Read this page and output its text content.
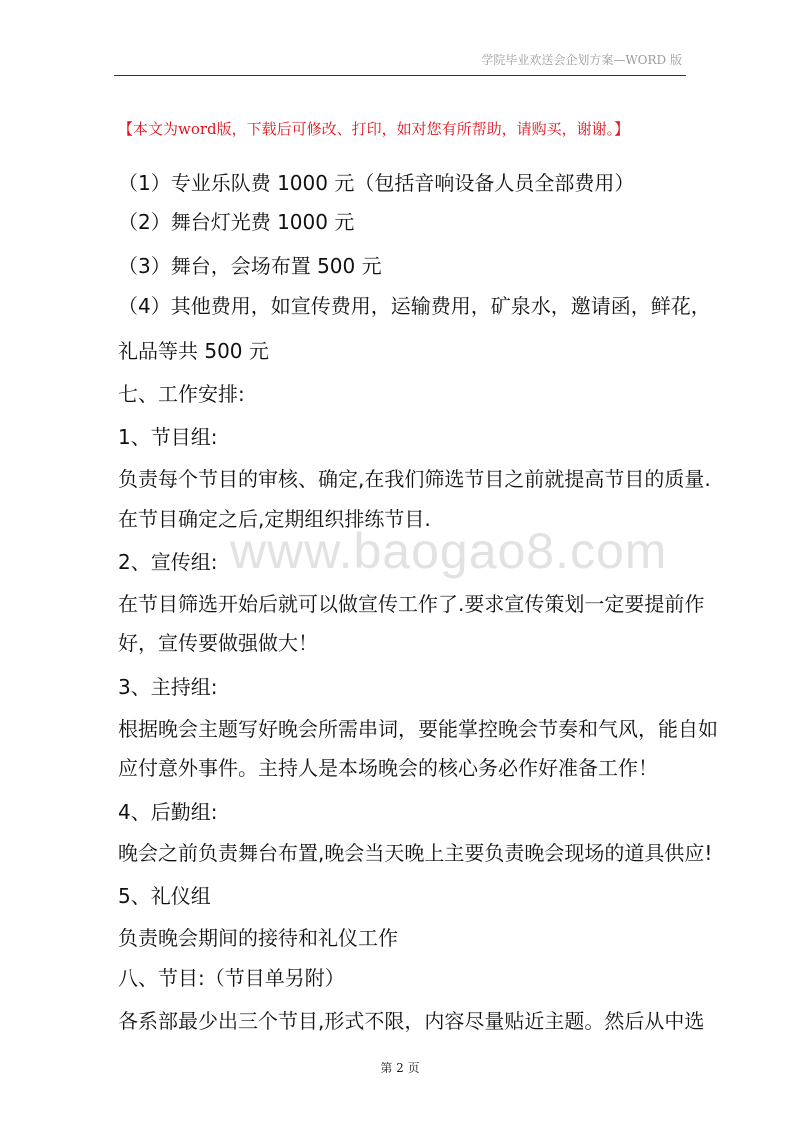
学院毕业欢送会企划方案—WORD 版
【本文为word版，下载后可修改、打印，如对您有所帮助，请购买，谢谢。】
www.baogao8.com
（1）专业乐队费 1000 元（包括音响设备人员全部费用）
（2）舞台灯光费 1000 元
（3）舞台，会场布置 500 元
（4）其他费用，如宣传费用，运输费用，矿泉水，邀请函，鲜花，
礼品等共 500 元
七、工作安排:
1、节目组:
负责每个节目的审核、确定,在我们筛选节目之前就提高节目的质量.
在节目确定之后,定期组织排练节目.
2、宣传组:
在节目筛选开始后就可以做宣传工作了.要求宣传策划一定要提前作
好，宣传要做强做大！
3、主持组:
根据晚会主题写好晚会所需串词，要能掌控晚会节奏和气风，能自如
应付意外事件。主持人是本场晚会的核心务必作好准备工作！
4、后勤组:
晚会之前负责舞台布置,晚会当天晚上主要负责晚会现场的道具供应!
5、礼仪组
负责晚会期间的接待和礼仪工作
八、节目:（节目单另附）
各系部最少出三个节目,形式不限，内容尽量贴近主题。然后从中选
第 2 页
